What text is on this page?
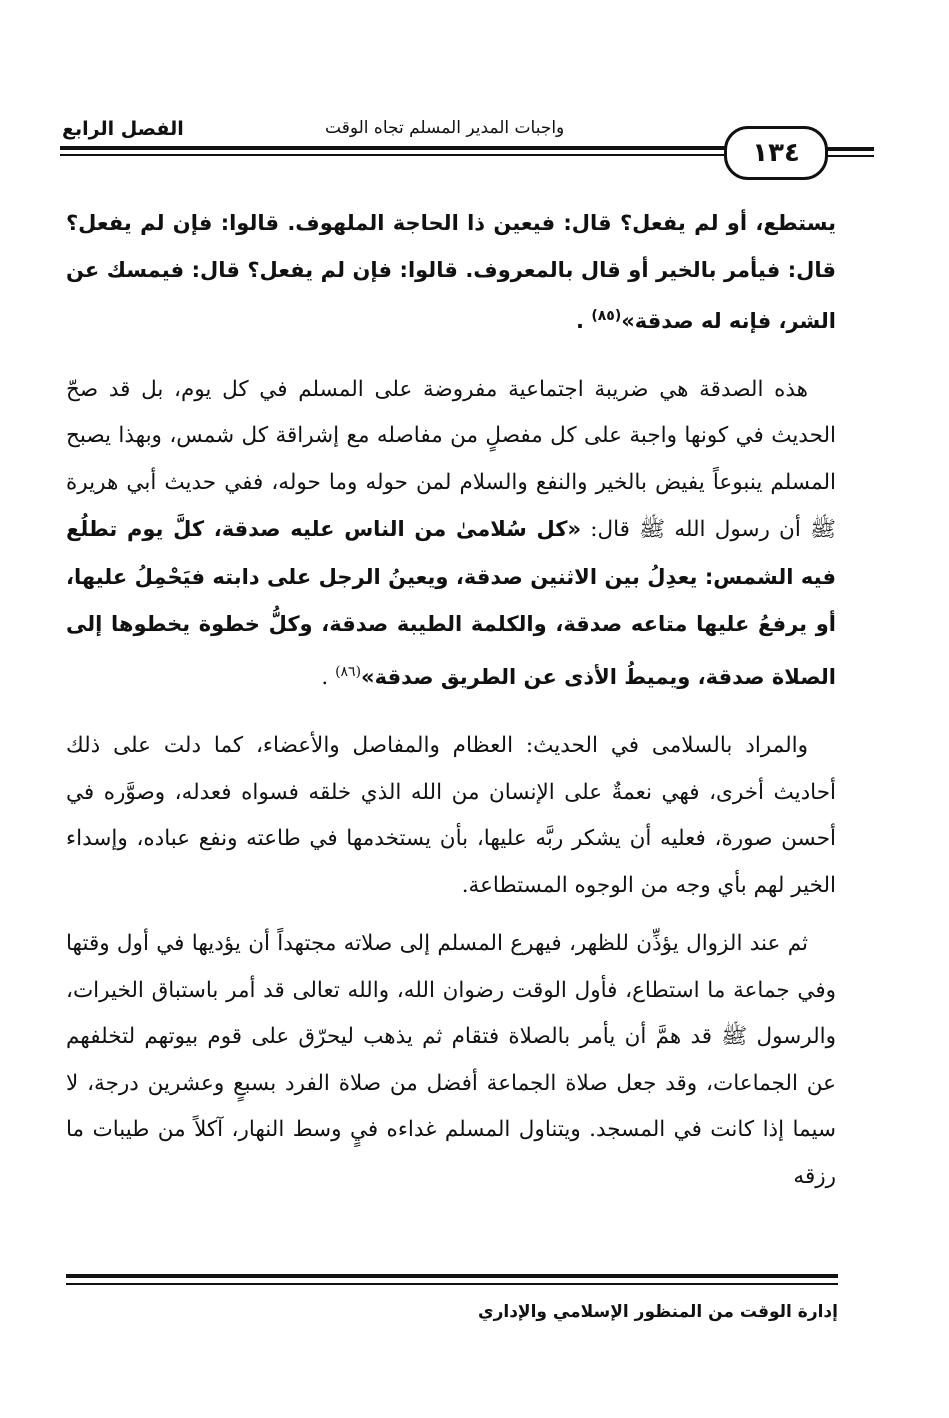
الفصل الرابع	واجبات المدير المسلم تجاه الوقت
١٣٤

يستطع، أو لم يفعل؟ قال: فيعين ذا الحاجة الملهوف. قالوا: فإن لم يفعل؟ قال: فيأمر بالخير أو قال بالمعروف. قالوا: فإن لم يفعل؟ قال: فيمسك عن الشر، فإنه له صدقة»$^{(٨٥)}$ .

هذه الصدقة هي ضريبة اجتماعية مفروضة على المسلم في كل يوم، بل قد صحّ الحديث في كونها واجبة على كل مفصلٍ من مفاصله مع إشراقة كل شمس، وبهذا يصبح المسلم ينبوعاً يفيض بالخير والنفع والسلام لمن حوله وما حوله، ففي حديث أبي هريرة ﷺ أن رسول الله ﷺ قال: «كل سُلامىٰ من الناس عليه صدقة، كلَّ يوم تطلُع فيه الشمس: يعدِلُ بين الاثنين صدقة، ويعينُ الرجل على دابته فيَحْمِلُ عليها، أو يرفعُ عليها متاعه صدقة، والكلمة الطيبة صدقة، وكلُّ خطوة يخطوها إلى الصلاة صدقة، ويميطُ الأذى عن الطريق صدقة»$^{(٨٦)}$ .

والمراد بالسلامى في الحديث: العظام والمفاصل والأعضاء، كما دلت على ذلك أحاديث أخرى، فهي نعمةٌ على الإنسان من الله الذي خلقه فسواه فعدله، وصوَّره في أحسن صورة، فعليه أن يشكر ربَّه عليها، بأن يستخدمها في طاعته ونفع عباده، وإسداء الخير لهم بأي وجه من الوجوه المستطاعة.

ثم عند الزوال يؤذِّن للظهر، فيهرع المسلم إلى صلاته مجتهداً أن يؤديها في أول وقتها وفي جماعة ما استطاع، فأول الوقت رضوان الله، والله تعالى قد أمر باستباق الخيرات، والرسول ﷺ قد همَّ أن يأمر بالصلاة فتقام ثم يذهب ليحرّق على قوم بيوتهم لتخلفهم عن الجماعات، وقد جعل صلاة الجماعة أفضل من صلاة الفرد بسبعٍ وعشرين درجة، لا سيما إذا كانت في المسجد. ويتناول المسلم غداءه فيٍ وسط النهار، آكلاً من طيبات ما رزقه

إدارة الوقت من المنظور الإسلامي والإداري
